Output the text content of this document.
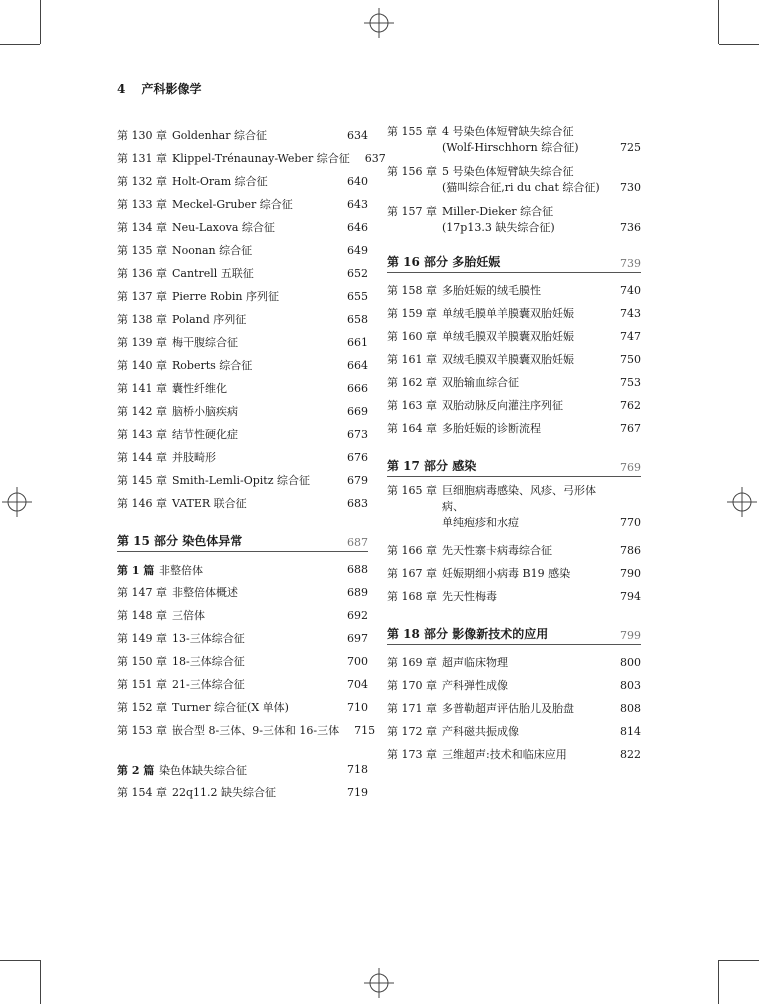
4 产科影像学
第 130 章 Goldenhar 综合征	634
第 131 章 Klippel-Trénaunay-Weber 综合征	637
第 132 章 Holt-Oram 综合征	640
第 133 章 Meckel-Gruber 综合征	643
第 134 章 Neu-Laxova 综合征	646
第 135 章 Noonan 综合征	649
第 136 章 Cantrell 五联征	652
第 137 章 Pierre Robin 序列征	655
第 138 章 Poland 序列征	658
第 139 章 梅干腹综合征	661
第 140 章 Roberts 综合征	664
第 141 章 囊性纤维化	666
第 142 章 脑桥小脑疾病	669
第 143 章 结节性硬化症	673
第 144 章 并肢畸形	676
第 145 章 Smith-Lemli-Opitz 综合征	679
第 146 章 VATER 联合征	683
第 15 部分 染色体异常	687
第 1 篇 非整倍体	688
第 147 章 非整倍体概述	689
第 148 章 三倍体	692
第 149 章 13-三体综合征	697
第 150 章 18-三体综合征	700
第 151 章 21-三体综合征	704
第 152 章 Turner 综合征(X 单体)	710
第 153 章 嵌合型 8-三体、9-三体和 16-三体	715
第 2 篇 染色体缺失综合征	718
第 154 章 22q11.2 缺失综合征	719
第 155 章 4 号染色体短臂缺失综合征
(Wolf-Hirschhorn 综合征)	725
第 156 章 5 号染色体短臂缺失综合征
(猫叫综合征,ri du chat 综合征)	730
第 157 章 Miller-Dieker 综合征
(17p13.3 缺失综合征)	736
第 16 部分 多胎妊娠	739
第 158 章 多胎妊娠的绒毛膜性	740
第 159 章 单绒毛膜单羊膜囊双胎妊娠	743
第 160 章 单绒毛膜双羊膜囊双胎妊娠	747
第 161 章 双绒毛膜双羊膜囊双胎妊娠	750
第 162 章 双胎输血综合征	753
第 163 章 双胎动脉反向灌注序列征	762
第 164 章 多胎妊娠的诊断流程	767
第 17 部分 感染	769
第 165 章 巨细胞病毒感染、风疹、弓形体病、
单纯疱疹和水痘	770
第 166 章 先天性寨卡病毒综合征	786
第 167 章 妊娠期细小病毒 B19 感染	790
第 168 章 先天性梅毒	794
第 18 部分 影像新技术的应用	799
第 169 章 超声临床物理	800
第 170 章 产科弹性成像	803
第 171 章 多普勒超声评估胎儿及胎盘	808
第 172 章 产科磁共振成像	814
第 173 章 三维超声:技术和临床应用	822
